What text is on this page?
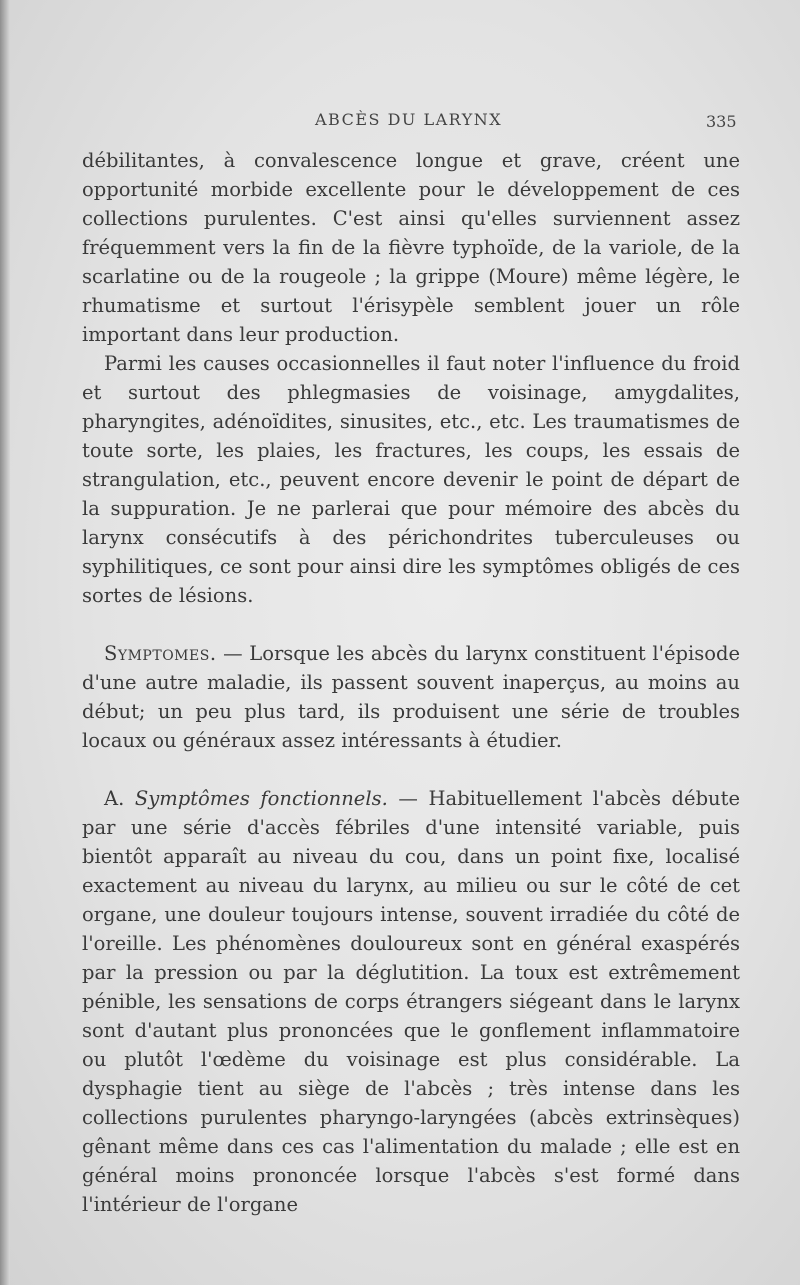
ABCÈS DU LARYNX	335

débilitantes, à convalescence longue et grave, créent une opportunité morbide excellente pour le développement de ces collections purulentes. C'est ainsi qu'elles surviennent assez fréquemment vers la fin de la fièvre typhoïde, de la variole, de la scarlatine ou de la rougeole ; la grippe (Moure) même légère, le rhumatisme et surtout l'érisypèle semblent jouer un rôle important dans leur production.

Parmi les causes occasionnelles il faut noter l'influence du froid et surtout des phlegmasies de voisinage, amygdalites, pharyngites, adénoïdites, sinusites, etc., etc. Les traumatismes de toute sorte, les plaies, les fractures, les coups, les essais de strangulation, etc., peuvent encore devenir le point de départ de la suppuration. Je ne parlerai que pour mémoire des abcès du larynx consécutifs à des périchondrites tuberculeuses ou syphilitiques, ce sont pour ainsi dire les symptômes obligés de ces sortes de lésions.

Symptomes. — Lorsque les abcès du larynx constituent l'épisode d'une autre maladie, ils passent souvent inaperçus, au moins au début; un peu plus tard, ils produisent une série de troubles locaux ou généraux assez intéressants à étudier.

A. Symptômes fonctionnels. — Habituellement l'abcès débute par une série d'accès fébriles d'une intensité variable, puis bientôt apparaît au niveau du cou, dans un point fixe, localisé exactement au niveau du larynx, au milieu ou sur le côté de cet organe, une douleur toujours intense, souvent irradiée du côté de l'oreille. Les phénomènes douloureux sont en général exaspérés par la pression ou par la déglutition. La toux est extrêmement pénible, les sensations de corps étrangers siégeant dans le larynx sont d'autant plus prononcées que le gonflement inflammatoire ou plutôt l'œdème du voisinage est plus considérable. La dysphagie tient au siège de l'abcès ; très intense dans les collections purulentes pharyngo-laryngées (abcès extrinsèques) gênant même dans ces cas l'alimentation du malade ; elle est en général moins prononcée lorsque l'abcès s'est formé dans l'intérieur de l'organe
